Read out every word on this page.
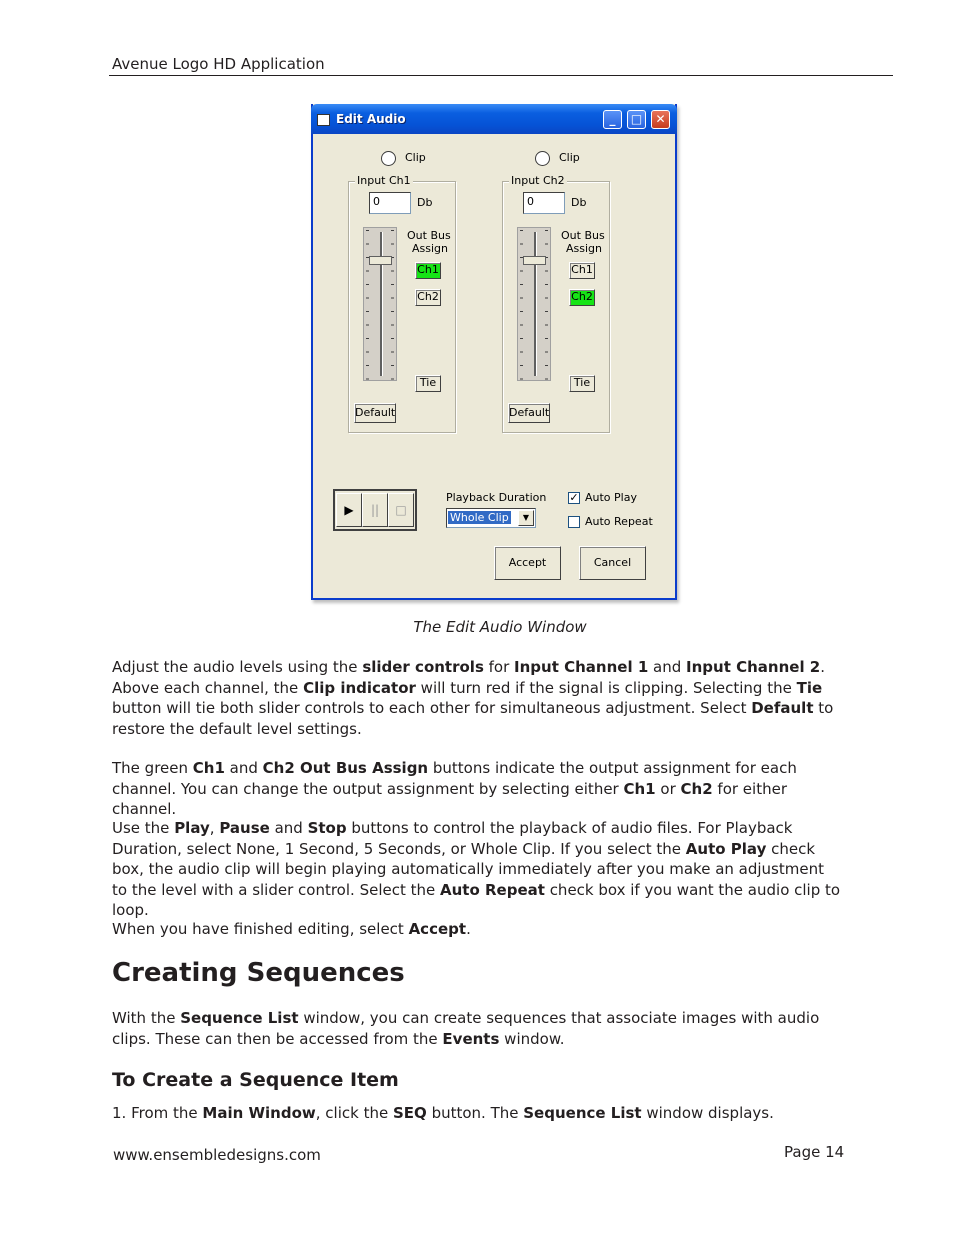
Avenue Logo HD Application
Edit Audio	_	□	✕
Clip
Input Ch1
0	Db
Out Bus
Assign
Ch1
Ch2
Tie
Default
Clip
Input Ch2
0	Db
Out Bus
Assign
Ch1
Ch2
Tie
Default
▶	||	□
Playback Duration
Whole Clip	▼
✓ Auto Play
Auto Repeat
Accept	Cancel
The Edit Audio Window
Adjust the audio levels using the slider controls for Input Channel 1 and Input Channel 2. Above each channel, the Clip indicator will turn red if the signal is clipping. Selecting the Tie button will tie both slider controls to each other for simultaneous adjustment. Select Default to restore the default level settings.
The green Ch1 and Ch2 Out Bus Assign buttons indicate the output assignment for each channel. You can change the output assignment by selecting either Ch1 or Ch2 for either channel.
Use the Play, Pause and Stop buttons to control the playback of audio files. For Playback Duration, select None, 1 Second, 5 Seconds, or Whole Clip. If you select the Auto Play check box, the audio clip will begin playing automatically immediately after you make an adjustment to the level with a slider control. Select the Auto Repeat check box if you want the audio clip to loop.
When you have finished editing, select Accept.
Creating Sequences
With the Sequence List window, you can create sequences that associate images with audio clips. These can then be accessed from the Events window.
To Create a Sequence Item
1. From the Main Window, click the SEQ button. The Sequence List window displays.
www.ensembledesigns.com	Page 14
